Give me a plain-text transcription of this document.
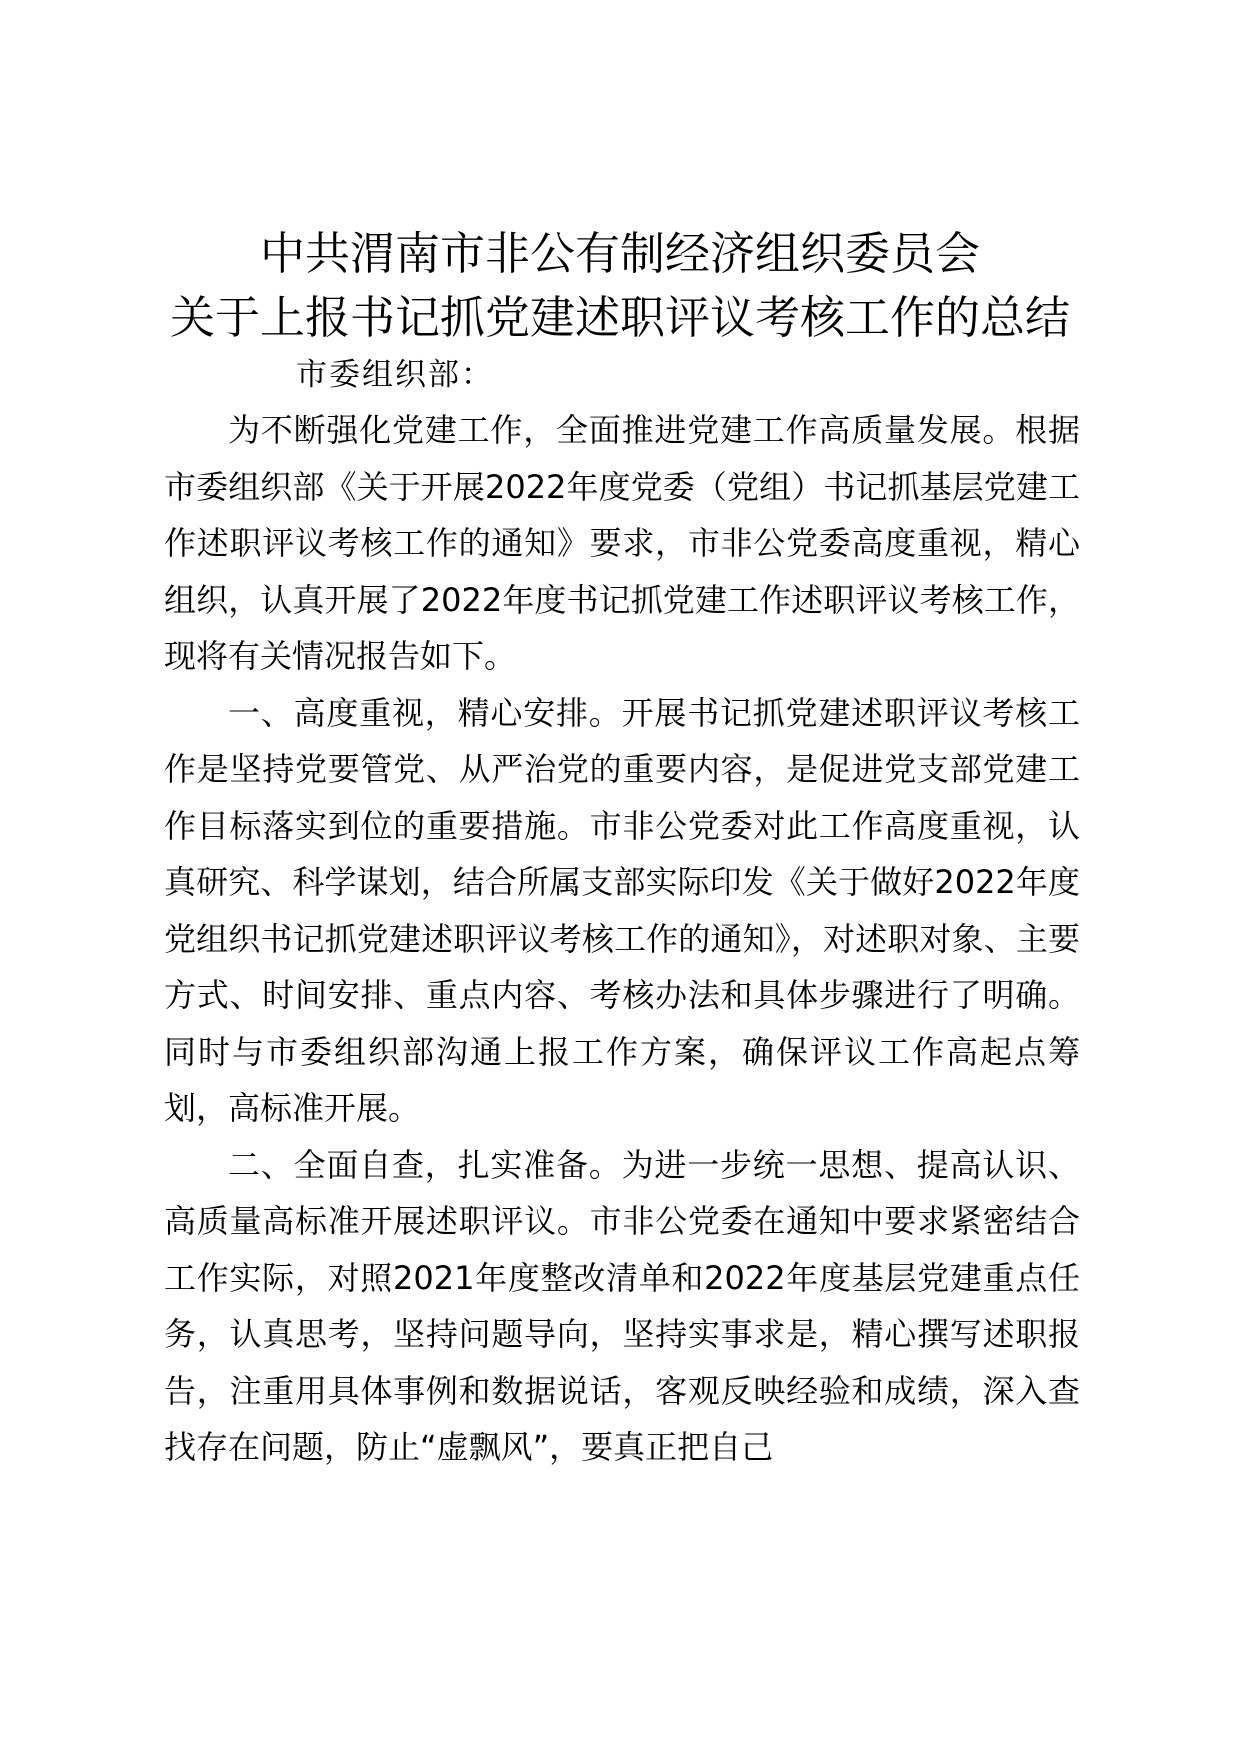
中共渭南市非公有制经济组织委员会
关于上报书记抓党建述职评议考核工作的总结
市委组织部：

为不断强化党建工作，全面推进党建工作高质量发展。根据市委组织部《关于开展2022年度党委（党组）书记抓基层党建工作述职评议考核工作的通知》要求，市非公党委高度重视，精心组织，认真开展了2022年度书记抓党建工作述职评议考核工作，现将有关情况报告如下。

一、高度重视，精心安排。开展书记抓党建述职评议考核工作是坚持党要管党、从严治党的重要内容，是促进党支部党建工作目标落实到位的重要措施。市非公党委对此工作高度重视，认真研究、科学谋划，结合所属支部实际印发《关于做好2022年度党组织书记抓党建述职评议考核工作的通知》，对述职对象、主要方式、时间安排、重点内容、考核办法和具体步骤进行了明确。同时与市委组织部沟通上报工作方案，确保评议工作高起点筹划，高标准开展。

二、全面自查，扎实准备。为进一步统一思想、提高认识、高质量高标准开展述职评议。市非公党委在通知中要求紧密结合工作实际，对照2021年度整改清单和2022年度基层党建重点任务，认真思考，坚持问题导向，坚持实事求是，精心撰写述职报告，注重用具体事例和数据说话，客观反映经验和成绩，深入查找存在问题，防止“虚飘风”，要真正把自己
